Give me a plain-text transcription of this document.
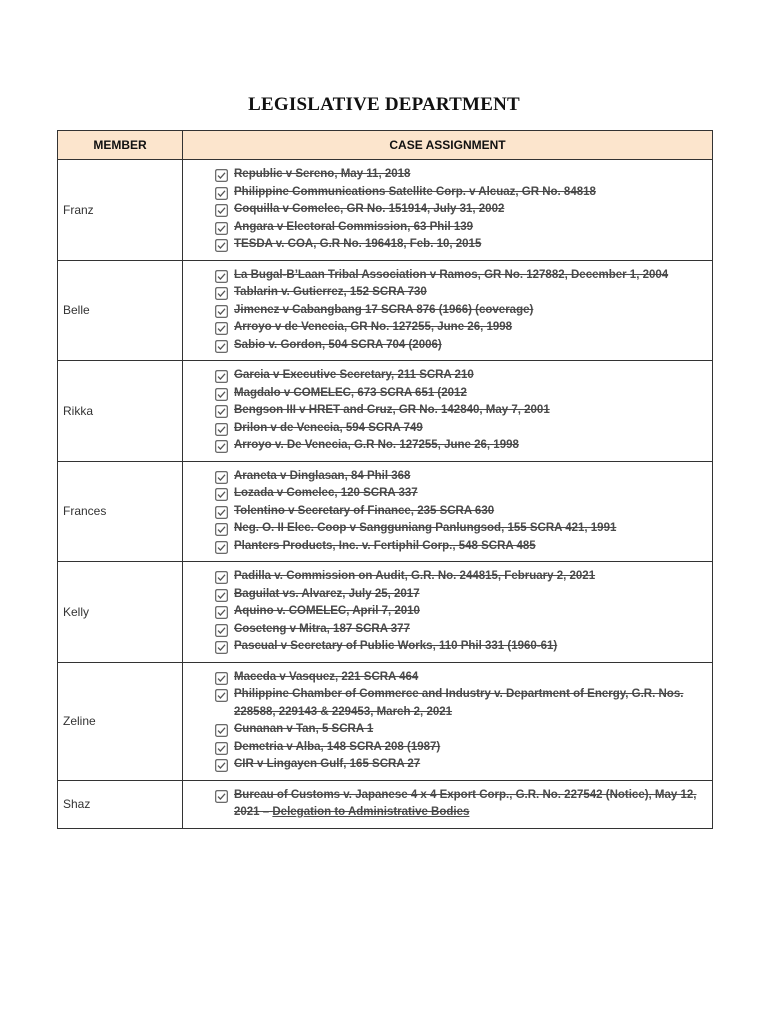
LEGISLATIVE DEPARTMENT
MEMBER	CASE ASSIGNMENT
Franz	Republic v Sereno, May 11, 2018
Philippine Communications Satellite Corp. v Alcuaz, GR No. 84818
Coquilla v Comelec, GR No. 151914, July 31, 2002
Angara v Electoral Commission, 63 Phil 139
TESDA v. COA, G.R No. 196418, Feb. 10, 2015

Belle	La Bugal-B’Laan Tribal Association v Ramos, GR No. 127882, December 1, 2004
Tablarin v. Gutierrez, 152 SCRA 730
Jimenez v Cabangbang 17 SCRA 876 (1966) (coverage)
Arroyo v de Venecia, GR No. 127255, June 26, 1998
Sabio v. Gordon, 504 SCRA 704 (2006)

Rikka	Garcia v Executive Secretary, 211 SCRA 210
Magdalo v COMELEC, 673 SCRA 651 (2012
Bengson III v HRET and Cruz, GR No. 142840, May 7, 2001
Drilon v de Venecia, 594 SCRA 749
Arroyo v. De Venecia, G.R No. 127255, June 26, 1998

Frances	Araneta v Dinglasan, 84 Phil 368
Lozada v Comelec, 120 SCRA 337
Tolentino v Secretary of Finance, 235 SCRA 630
Neg. O. II Elec. Coop v Sangguniang Panlungsod, 155 SCRA 421, 1991
Planters Products, Inc. v. Fertiphil Corp., 548 SCRA 485

Kelly	Padilla v. Commission on Audit, G.R. No. 244815, February 2, 2021
Baguilat vs. Alvarez, July 25, 2017
Aquino v. COMELEC, April 7, 2010
Coseteng v Mitra, 187 SCRA 377
Pascual v Secretary of Public Works, 110 Phil 331 (1960-61)

Zeline	Maceda v Vasquez, 221 SCRA 464
Philippine Chamber of Commerce and Industry v. Department of Energy, G.R. Nos. 228588, 229143 & 229453, March 2, 2021
Cunanan v Tan, 5 SCRA 1
Demetria v Alba, 148 SCRA 208 (1987)
CIR v Lingayen Gulf, 165 SCRA 27

Shaz	Bureau of Customs v. Japanese 4 x 4 Export Corp., G.R. No. 227542 (Notice), May 12, 2021 – Delegation to Administrative Bodies
